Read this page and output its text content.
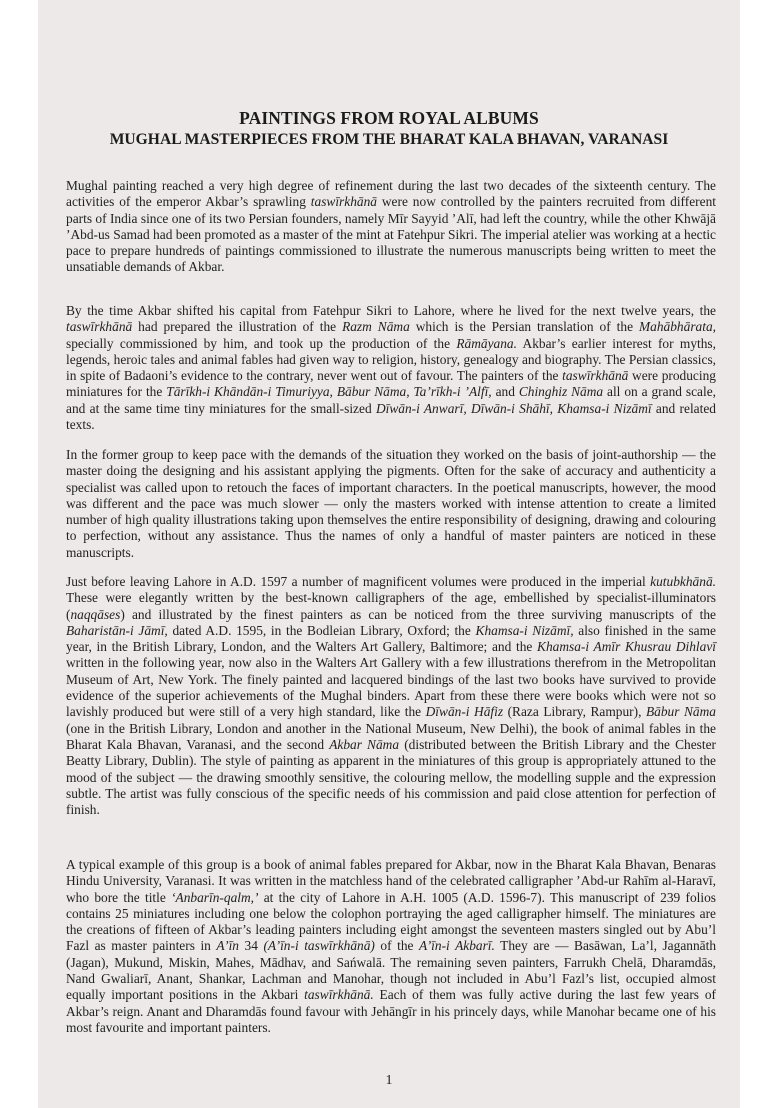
PAINTINGS FROM ROYAL ALBUMS
MUGHAL MASTERPIECES FROM THE BHARAT KALA BHAVAN, VARANASI

Mughal painting reached a very high degree of refinement during the last two decades of the sixteenth century. The activities of the emperor Akbar’s sprawling taswīrkhānā were now controlled by the painters recruited from different parts of India since one of its two Persian founders, namely Mīr Sayyid ’Alī, had left the country, while the other Khwājā ’Abd-us Samad had been promoted as a master of the mint at Fatehpur Sikri. The imperial atelier was working at a hectic pace to prepare hundreds of paintings commissioned to illustrate the numerous manuscripts being written to meet the unsatiable demands of Akbar.

By the time Akbar shifted his capital from Fatehpur Sikri to Lahore, where he lived for the next twelve years, the taswīrkhānā had prepared the illustration of the Razm Nāma which is the Persian translation of the Mahābhārata, specially commissioned by him, and took up the production of the Rāmāyana. Akbar’s earlier interest for myths, legends, heroic tales and animal fables had given way to religion, history, genealogy and biography. The Persian classics, in spite of Badaoni’s evidence to the contrary, never went out of favour. The painters of the taswīrkhānā were producing miniatures for the Tārīkh-i Khāndān-i Timuriyya, Bābur Nāma, Ta’rīkh-i ’Alfī, and Chinghiz Nāma all on a grand scale, and at the same time tiny miniatures for the small-sized Dīwān-i Anwarī, Dīwān-i Shāhī, Khamsa-i Nizāmī and related texts.

In the former group to keep pace with the demands of the situation they worked on the basis of joint-authorship — the master doing the designing and his assistant applying the pigments. Often for the sake of accuracy and authenticity a specialist was called upon to retouch the faces of important characters. In the poetical manuscripts, however, the mood was different and the pace was much slower — only the masters worked with intense attention to create a limited number of high quality illustrations taking upon themselves the entire responsibility of designing, drawing and colouring to perfection, without any assistance. Thus the names of only a handful of master painters are noticed in these manuscripts.

Just before leaving Lahore in A.D. 1597 a number of magnificent volumes were produced in the imperial kutubkhānā. These were elegantly written by the best-known calligraphers of the age, embellished by specialist-illuminators (naqqāses) and illustrated by the finest painters as can be noticed from the three surviving manuscripts of the Baharistān-i Jāmī, dated A.D. 1595, in the Bodleian Library, Oxford; the Khamsa-i Nizāmī, also finished in the same year, in the British Library, London, and the Walters Art Gallery, Baltimore; and the Khamsa-i Amīr Khusrau Dihlavī written in the following year, now also in the Walters Art Gallery with a few illustrations therefrom in the Metropolitan Museum of Art, New York. The finely painted and lacquered bindings of the last two books have survived to provide evidence of the superior achievements of the Mughal binders. Apart from these there were books which were not so lavishly produced but were still of a very high standard, like the Dīwān-i Hāfiz (Raza Library, Rampur), Bābur Nāma (one in the British Library, London and another in the National Museum, New Delhi), the book of animal fables in the Bharat Kala Bhavan, Varanasi, and the second Akbar Nāma (distributed between the British Library and the Chester Beatty Library, Dublin). The style of painting as apparent in the miniatures of this group is appropriately attuned to the mood of the subject — the drawing smoothly sensitive, the colouring mellow, the modelling supple and the expression subtle. The artist was fully conscious of the specific needs of his commission and paid close attention for perfection of finish.

A typical example of this group is a book of animal fables prepared for Akbar, now in the Bharat Kala Bhavan, Benaras Hindu University, Varanasi. It was written in the matchless hand of the celebrated calligrapher ’Abd-ur Rahīm al-Haravī, who bore the title ‘Anbarīn-qalm,’ at the city of Lahore in A.H. 1005 (A.D. 1596-7). This manuscript of 239 folios contains 25 miniatures including one below the colophon portraying the aged calligrapher himself. The miniatures are the creations of fifteen of Akbar’s leading painters including eight amongst the seventeen masters singled out by Abu’l Fazl as master painters in A’īn 34 (A’īn-i taswīrkhānā) of the A’īn-i Akbarī. They are — Basāwan, La’l, Jagannāth (Jagan), Mukund, Miskin, Mahes, Mādhav, and Sańwalā. The remaining seven painters, Farrukh Chelā, Dharamdās, Nand Gwaliarī, Anant, Shankar, Lachman and Manohar, though not included in Abu’l Fazl’s list, occupied almost equally important positions in the Akbari taswīrkhānā. Each of them was fully active during the last few years of Akbar’s reign. Anant and Dharamdās found favour with Jehāngīr in his princely days, while Manohar became one of his most favourite and important painters.

1
